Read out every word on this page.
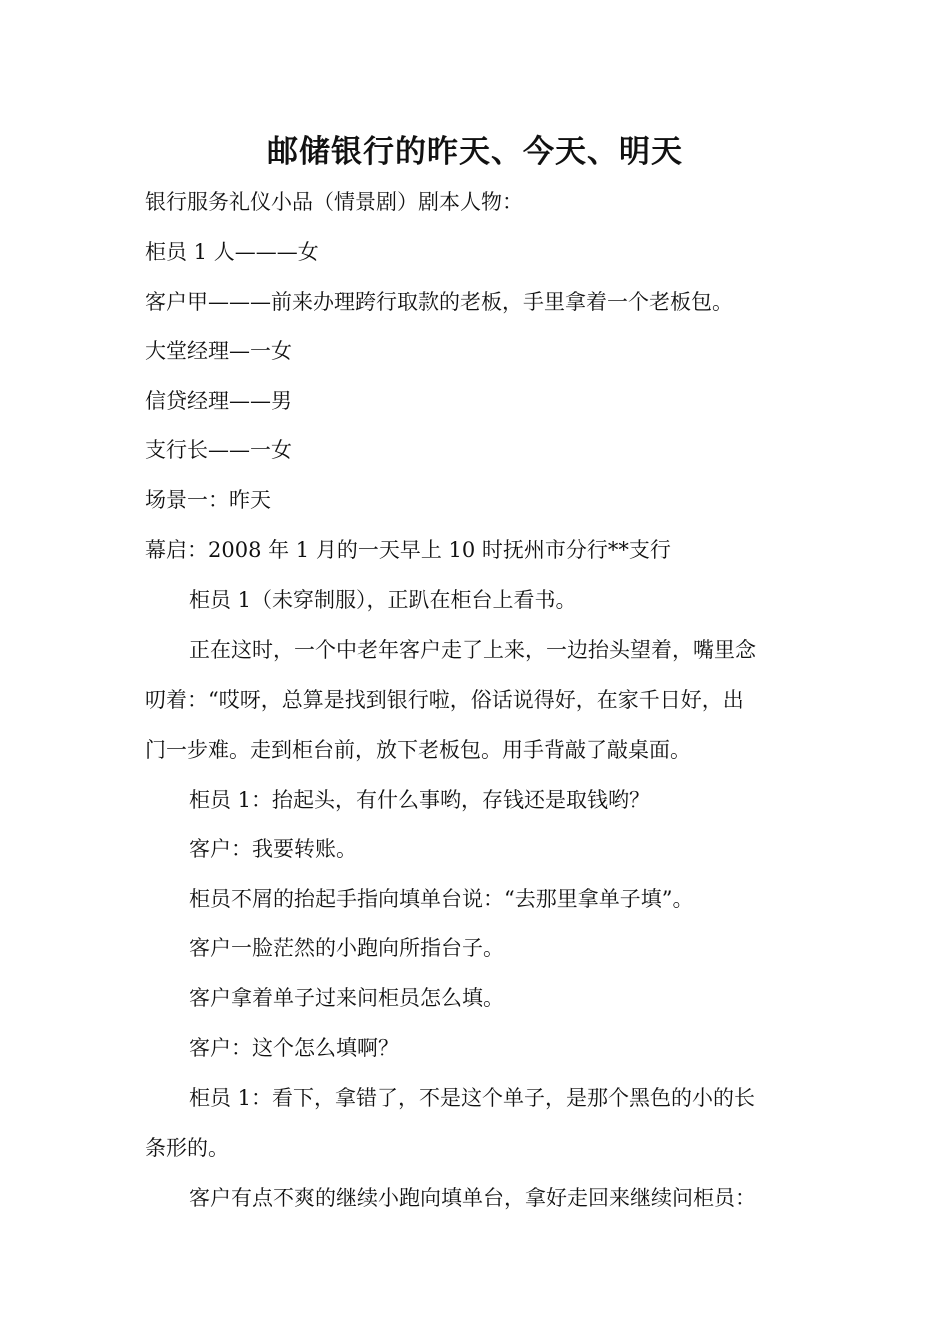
邮储银行的昨天、今天、明天
银行服务礼仪小品（情景剧）剧本人物：
柜员 1 人———女
客户甲———前来办理跨行取款的老板，手里拿着一个老板包。
大堂经理—一女
信贷经理——男
支行长——一女
场景一：昨天
幕启：2008 年 1 月的一天早上 10 时抚州市分行**支行
柜员 1（未穿制服），正趴在柜台上看书。
正在这时，一个中老年客户走了上来，一边抬头望着，嘴里念
叨着：“哎呀，总算是找到银行啦，俗话说得好，在家千日好，出
门一步难。走到柜台前，放下老板包。用手背敲了敲桌面。
柜员 1：抬起头，有什么事哟，存钱还是取钱哟？
客户：我要转账。
柜员不屑的抬起手指向填单台说：“去那里拿单子填”。
客户一脸茫然的小跑向所指台子。
客户拿着单子过来问柜员怎么填。
客户：这个怎么填啊？
柜员 1：看下，拿错了，不是这个单子，是那个黑色的小的长
条形的。
客户有点不爽的继续小跑向填单台，拿好走回来继续问柜员：
